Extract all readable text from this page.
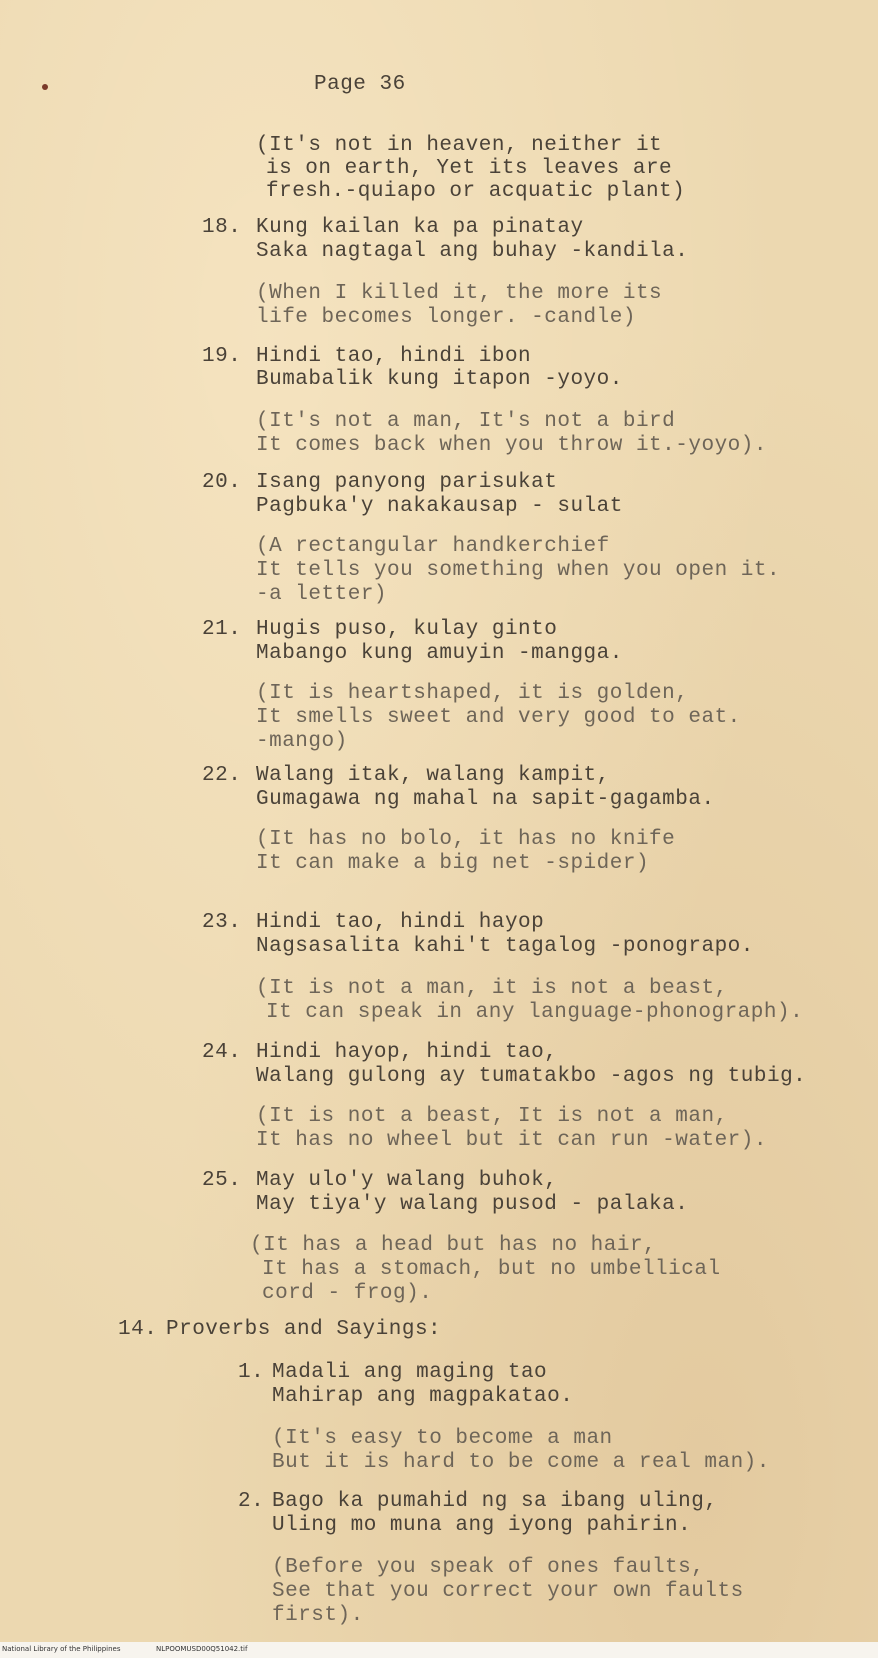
Page 36
(It's not in heaven, neither it
is on earth, Yet its leaves are
fresh.-quiapo or acquatic plant)
18. Kung kailan ka pa pinatay
Saka nagtagal ang buhay -kandila.
(When I killed it, the more its
life becomes longer. -candle)
19. Hindi tao, hindi ibon
Bumabalik kung itapon -yoyo.
(It's not a man, It's not a bird
It comes back when you throw it.-yoyo).
20. Isang panyong parisukat
Pagbuka'y nakakausap - sulat
(A rectangular handkerchief
It tells you something when you open it.
-a letter)
21. Hugis puso, kulay ginto
Mabango kung amuyin -mangga.
(It is heartshaped, it is golden,
It smells sweet and very good to eat.
-mango)
22. Walang itak, walang kampit,
Gumagawa ng mahal na sapit-gagamba.
(It has no bolo, it has no knife
It can make a big net -spider)
23. Hindi tao, hindi hayop
Nagsasalita kahi't tagalog -ponograpo.
(It is not a man, it is not a beast,
It can speak in any language-phonograph).
24. Hindi hayop, hindi tao,
Walang gulong ay tumatakbo -agos ng tubig.
(It is not a beast, It is not a man,
It has no wheel but it can run -water).
25. May ulo'y walang buhok,
May tiya'y walang pusod - palaka.
(It has a head but has no hair,
It has a stomach, but no umbellical
cord - frog).
14. Proverbs and Sayings:
1. Madali ang maging tao
Mahirap ang magpakatao.
(It's easy to become a man
But it is hard to be come a real man).
2. Bago ka pumahid ng sa ibang uling,
Uling mo muna ang iyong pahirin.
(Before you speak of ones faults,
See that you correct your own faults
first).
National Library of the Philippines	NLPOOMUSD00Q51042.tif
